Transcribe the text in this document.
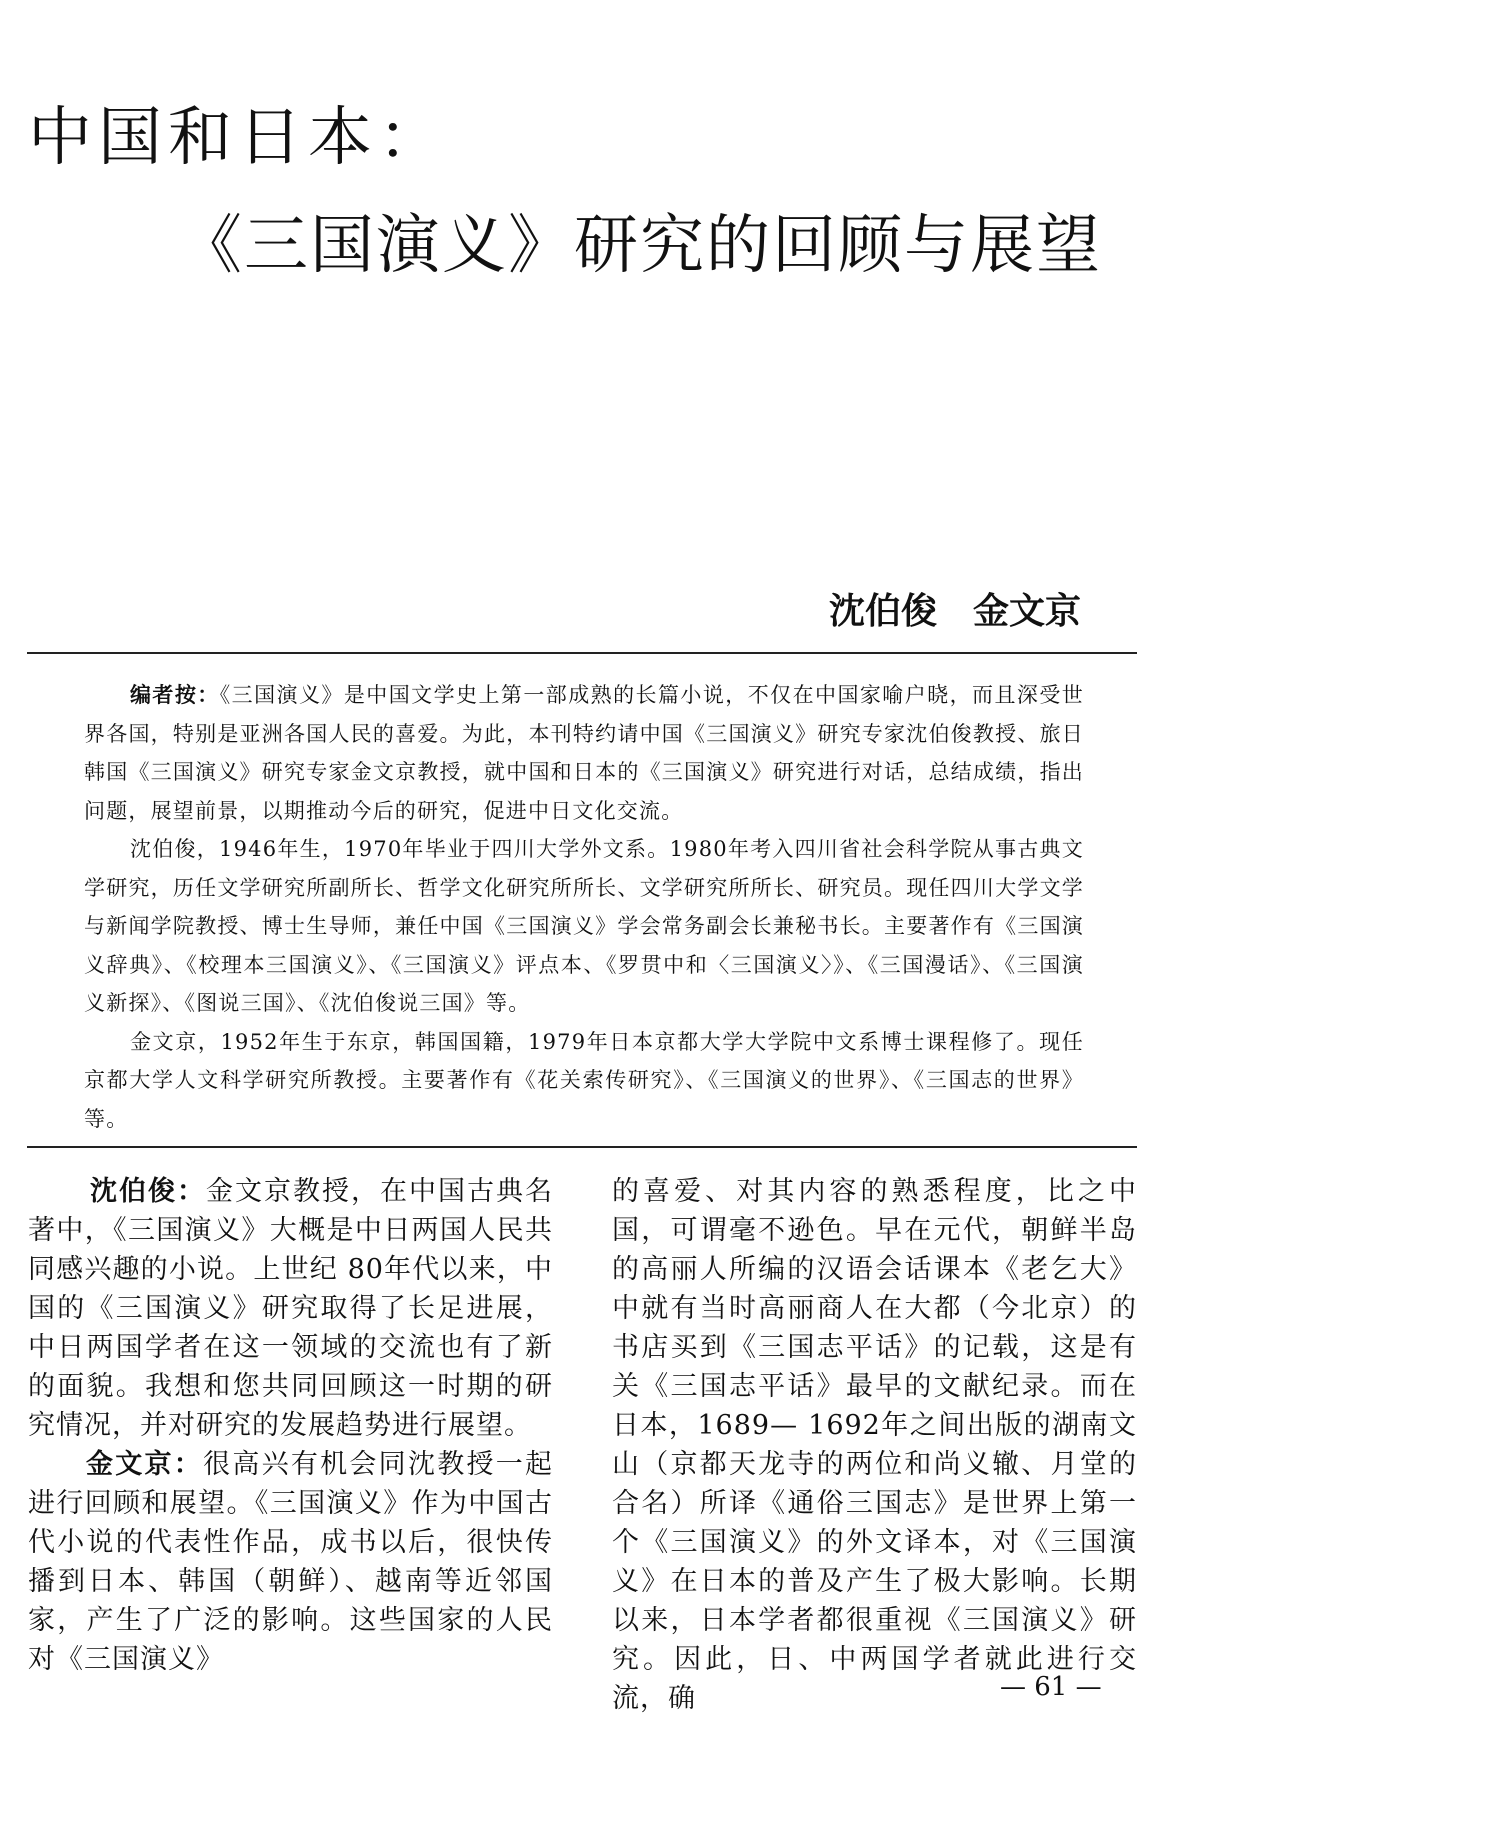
中国和日本：
《三国演义》研究的回顾与展望
沈伯俊　金文京

编者按：《三国演义》是中国文学史上第一部成熟的长篇小说，不仅在中国家喻户晓，而且深受世界各国，特别是亚洲各国人民的喜爱。为此，本刊特约请中国《三国演义》研究专家沈伯俊教授、旅日韩国《三国演义》研究专家金文京教授，就中国和日本的《三国演义》研究进行对话，总结成绩，指出问题，展望前景，以期推动今后的研究，促进中日文化交流。

沈伯俊，1946年生，1970年毕业于四川大学外文系。1980年考入四川省社会科学院从事古典文学研究，历任文学研究所副所长、哲学文化研究所所长、文学研究所所长、研究员。现任四川大学文学与新闻学院教授、博士生导师，兼任中国《三国演义》学会常务副会长兼秘书长。主要著作有《三国演义辞典》、《校理本三国演义》、《三国演义》评点本、《罗贯中和〈三国演义〉》、《三国漫话》、《三国演义新探》、《图说三国》、《沈伯俊说三国》等。

金文京，1952年生于东京，韩国国籍，1979年日本京都大学大学院中文系博士课程修了。现任京都大学人文科学研究所教授。主要著作有《花关索传研究》、《三国演义的世界》、《三国志的世界》等。

沈伯俊：金文京教授，在中国古典名著中，《三国演义》大概是中日两国人民共同感兴趣的小说。上世纪 80年代以来，中国的《三国演义》研究取得了长足进展，中日两国学者在这一领域的交流也有了新的面貌。我想和您共同回顾这一时期的研究情况，并对研究的发展趋势进行展望。

金文京：很高兴有机会同沈教授一起进行回顾和展望。《三国演义》作为中国古代小说的代表性作品，成书以后，很快传播到日本、韩国（朝鲜）、越南等近邻国家，产生了广泛的影响。这些国家的人民对《三国演义》

的喜爱、对其内容的熟悉程度，比之中国，可谓毫不逊色。早在元代，朝鲜半岛的高丽人所编的汉语会话课本《老乞大》中就有当时高丽商人在大都（今北京）的书店买到《三国志平话》的记载，这是有关《三国志平话》最早的文献纪录。而在日本，1689— 1692年之间出版的湖南文山（京都天龙寺的两位和尚义辙、月堂的合名）所译《通俗三国志》是世界上第一个《三国演义》的外文译本，对《三国演义》在日本的普及产生了极大影响。长期以来，日本学者都很重视《三国演义》研究。因此，日、中两国学者就此进行交流，确	— 61 —
